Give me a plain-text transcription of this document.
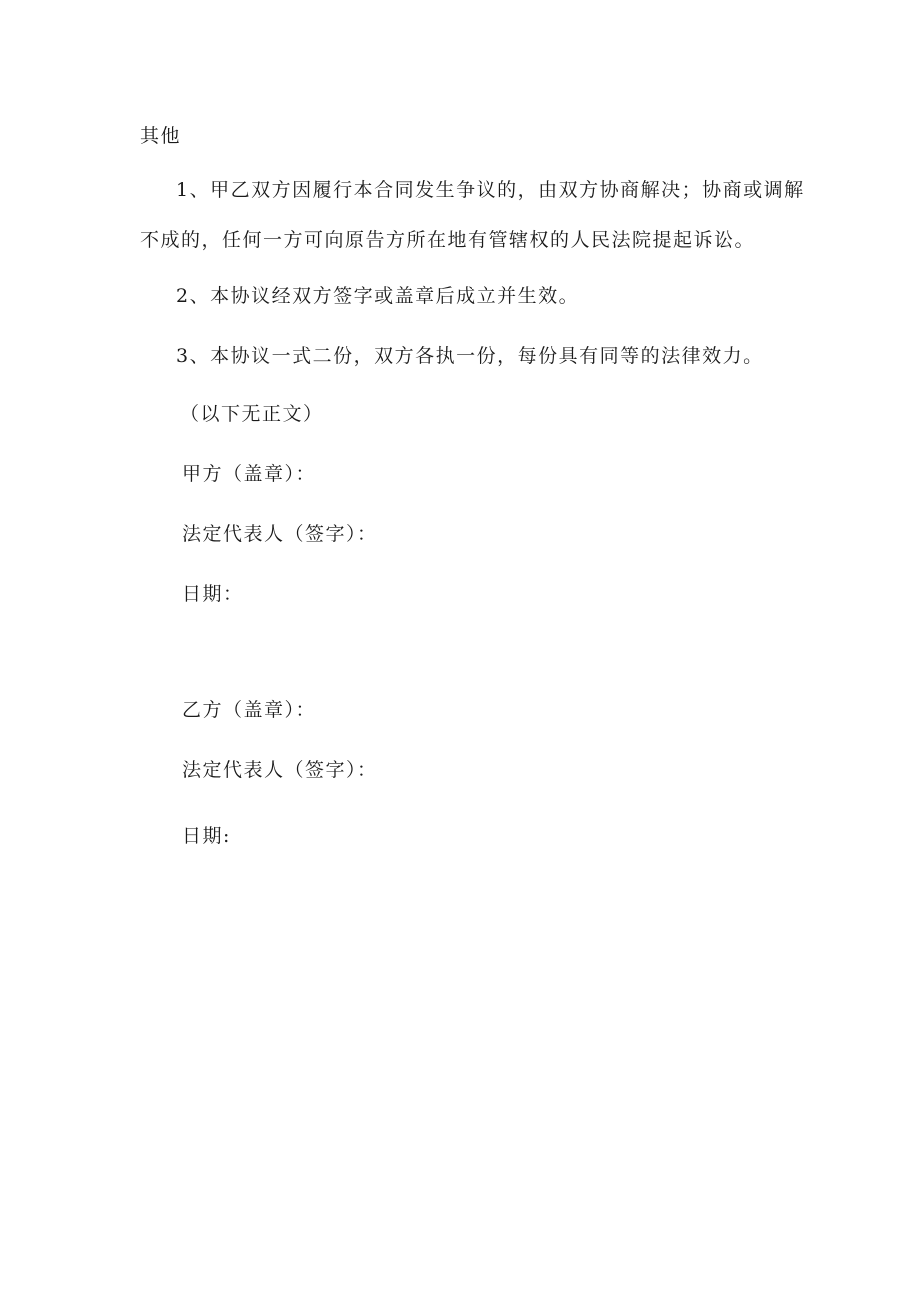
其他
1、甲乙双方因履行本合同发生争议的，由双方协商解决；协商或调解
不成的，任何一方可向原告方所在地有管辖权的人民法院提起诉讼。
2、本协议经双方签字或盖章后成立并生效。
3、本协议一式二份，双方各执一份，每份具有同等的法律效力。
（以下无正文）
甲方（盖章）：
法定代表人（签字）：
日期：
乙方（盖章）：
法定代表人（签字）：
日期:
